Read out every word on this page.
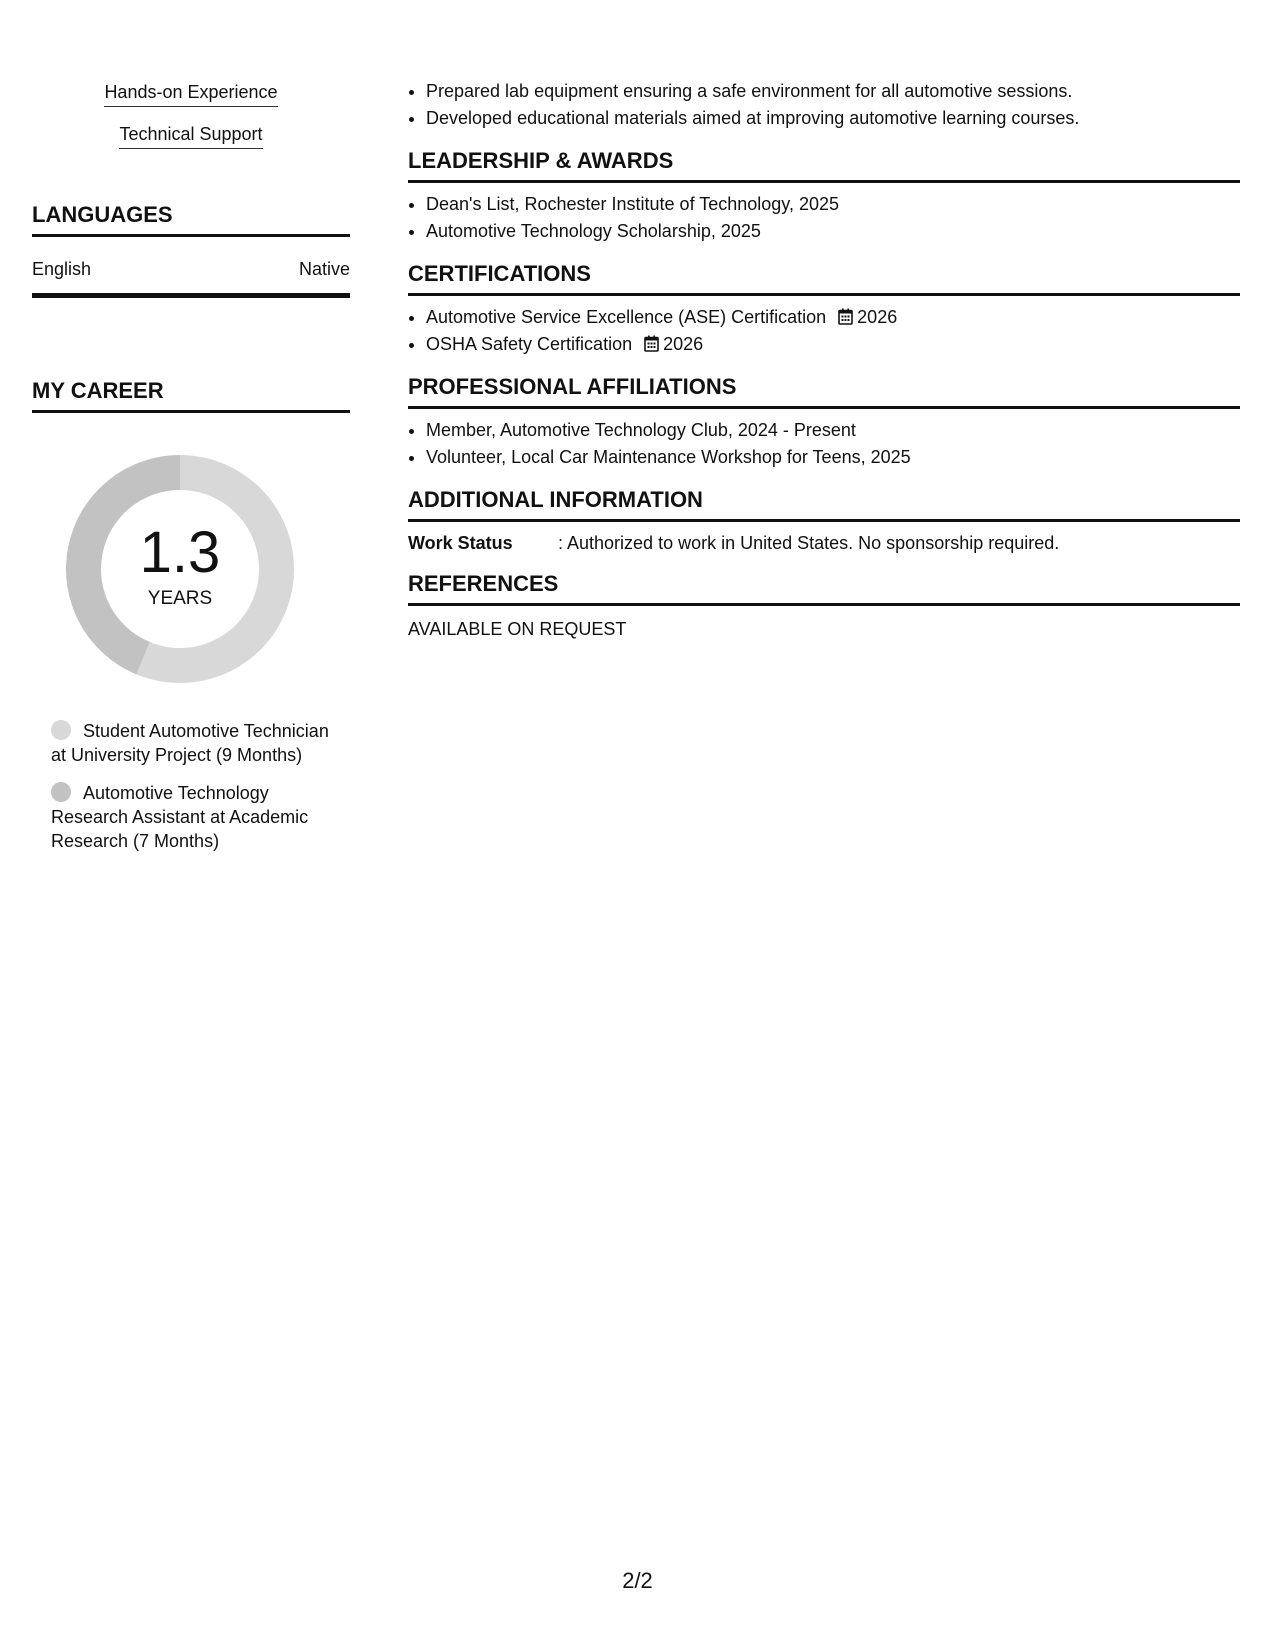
Hands-on Experience
Technical Support
LANGUAGES
English	Native
MY CAREER
1.3
YEARS
Student Automotive Technician at University Project (9 Months)
Automotive Technology Research Assistant at Academic Research (7 Months)
• Prepared lab equipment ensuring a safe environment for all automotive sessions.
• Developed educational materials aimed at improving automotive learning courses.
LEADERSHIP & AWARDS
• Dean's List, Rochester Institute of Technology, 2025
• Automotive Technology Scholarship, 2025
CERTIFICATIONS
• Automotive Service Excellence (ASE) Certification 2026
• OSHA Safety Certification 2026
PROFESSIONAL AFFILIATIONS
• Member, Automotive Technology Club, 2024 - Present
• Volunteer, Local Car Maintenance Workshop for Teens, 2025
ADDITIONAL INFORMATION
Work Status	: Authorized to work in United States. No sponsorship required.
REFERENCES
AVAILABLE ON REQUEST
2/2
